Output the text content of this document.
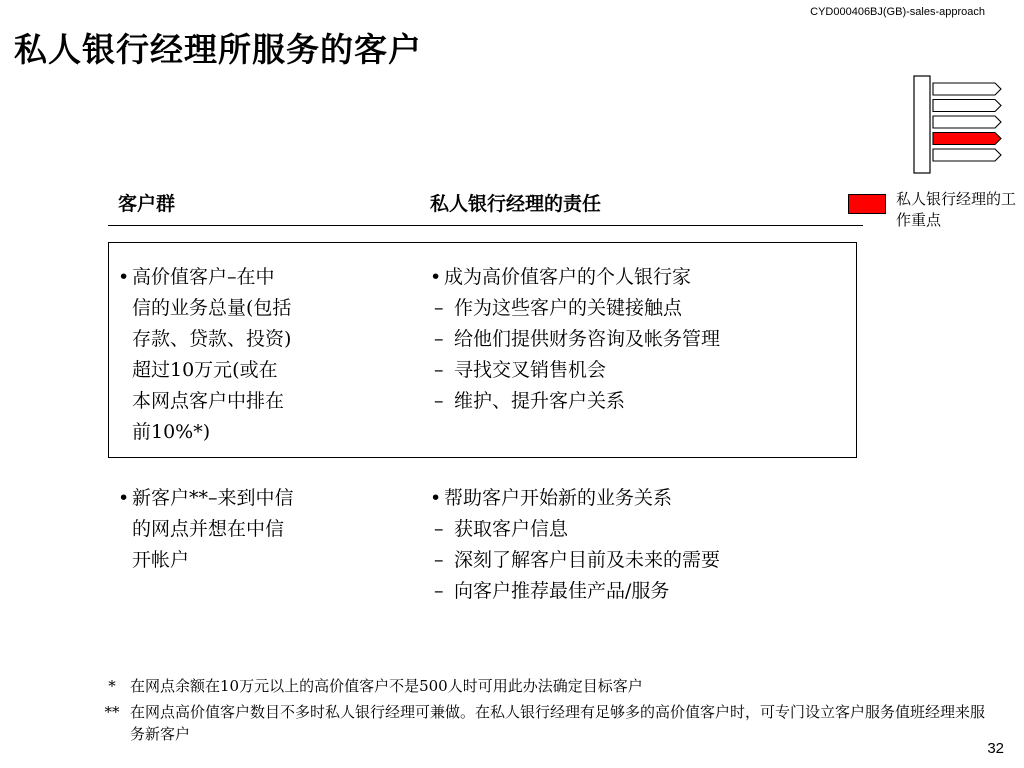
CYD000406BJ(GB)-sales-approach
私人银行经理所服务的客户
私人银行经理的工作重点
客户群	私人银行经理的责任
• 高价值客户–在中
信的业务总量(包括
存款、贷款、投资)
超过10万元(或在
本网点客户中排在
前10%*)
• 成为高价值客户的个人银行家
– 作为这些客户的关键接触点
– 给他们提供财务咨询及帐务管理
– 寻找交叉销售机会
– 维护、提升客户关系
• 新客户**–来到中信
的网点并想在中信
开帐户
• 帮助客户开始新的业务关系
– 获取客户信息
– 深刻了解客户目前及未来的需要
– 向客户推荐最佳产品/服务
* 在网点余额在10万元以上的高价值客户不是500人时可用此办法确定目标客户
** 在网点高价值客户数目不多时私人银行经理可兼做。在私人银行经理有足够多的高价值客户时，可专门设立客户服务值班经理来服务新客户
32
